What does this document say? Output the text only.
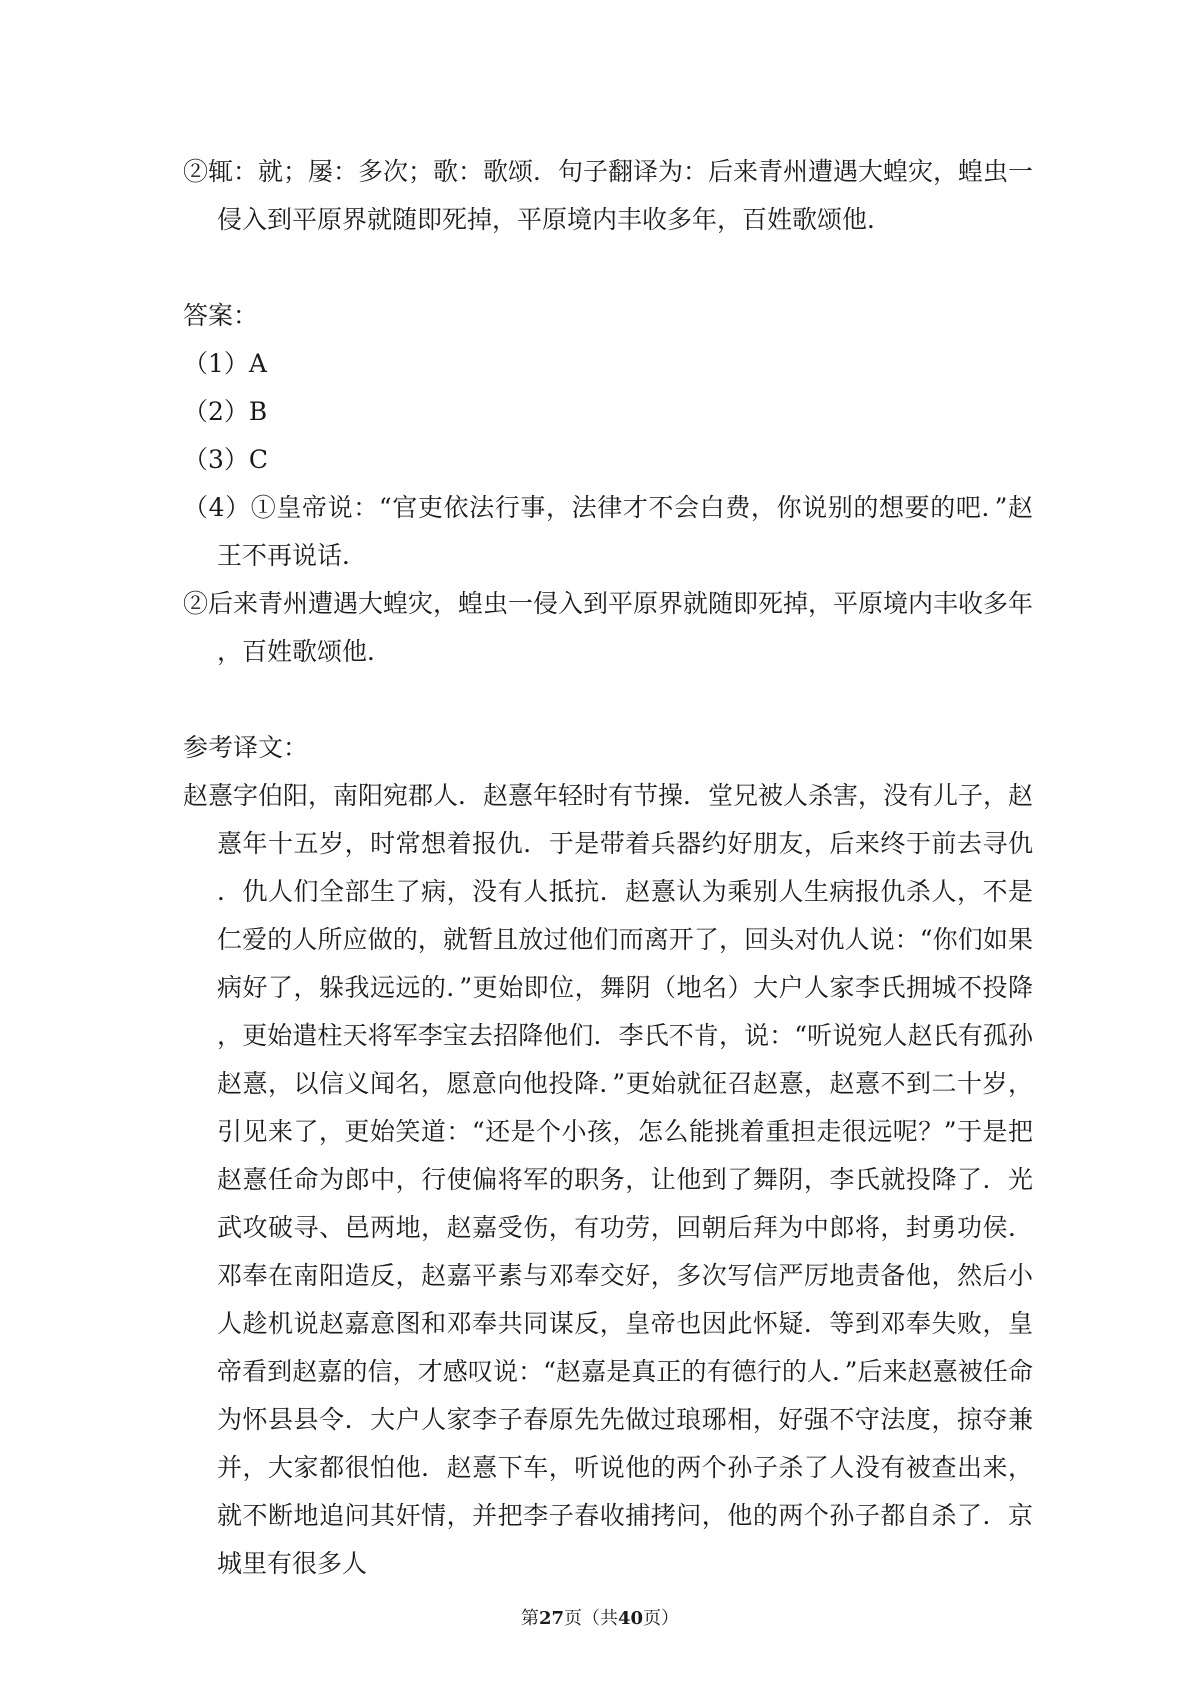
②辄：就；屡：多次；歌：歌颂．句子翻译为：后来青州遭遇大蝗灾，蝗虫一侵入到平原界就随即死掉，平原境内丰收多年，百姓歌颂他．

答案：

（1）A

（2）B

（3）C

（4）①皇帝说：“官吏依法行事，法律才不会白费，你说别的想要的吧．”赵王不再说话．

②后来青州遭遇大蝗灾，蝗虫一侵入到平原界就随即死掉，平原境内丰收多年，百姓歌颂他．

参考译文：

赵憙字伯阳，南阳宛郡人．赵憙年轻时有节操．堂兄被人杀害，没有儿子，赵憙年十五岁，时常想着报仇．于是带着兵器约好朋友，后来终于前去寻仇．仇人们全部生了病，没有人抵抗．赵憙认为乘别人生病报仇杀人，不是仁爱的人所应做的，就暂且放过他们而离开了，回头对仇人说：“你们如果病好了，躲我远远的．”更始即位，舞阴（地名）大户人家李氏拥城不投降，更始遣柱天将军李宝去招降他们．李氏不肯，说：“听说宛人赵氏有孤孙赵憙，以信义闻名，愿意向他投降．”更始就征召赵憙，赵憙不到二十岁，引见来了，更始笑道：“还是个小孩，怎么能挑着重担走很远呢？”于是把赵憙任命为郎中，行使偏将军的职务，让他到了舞阴，李氏就投降了．光武攻破寻、邑两地，赵嘉受伤，有功劳，回朝后拜为中郎将，封勇功侯．邓奉在南阳造反，赵嘉平素与邓奉交好，多次写信严厉地责备他，然后小人趁机说赵嘉意图和邓奉共同谋反，皇帝也因此怀疑．等到邓奉失败，皇帝看到赵嘉的信，才感叹说：“赵嘉是真正的有德行的人．”后来赵憙被任命为怀县县令．大户人家李子春原先先做过琅琊相，好强不守法度，掠夺兼并，大家都很怕他．赵憙下车，听说他的两个孙子杀了人没有被查出来，就不断地追问其奸情，并把李子春收捕拷问，他的两个孙子都自杀了．京城里有很多人

第27页（共40页）
